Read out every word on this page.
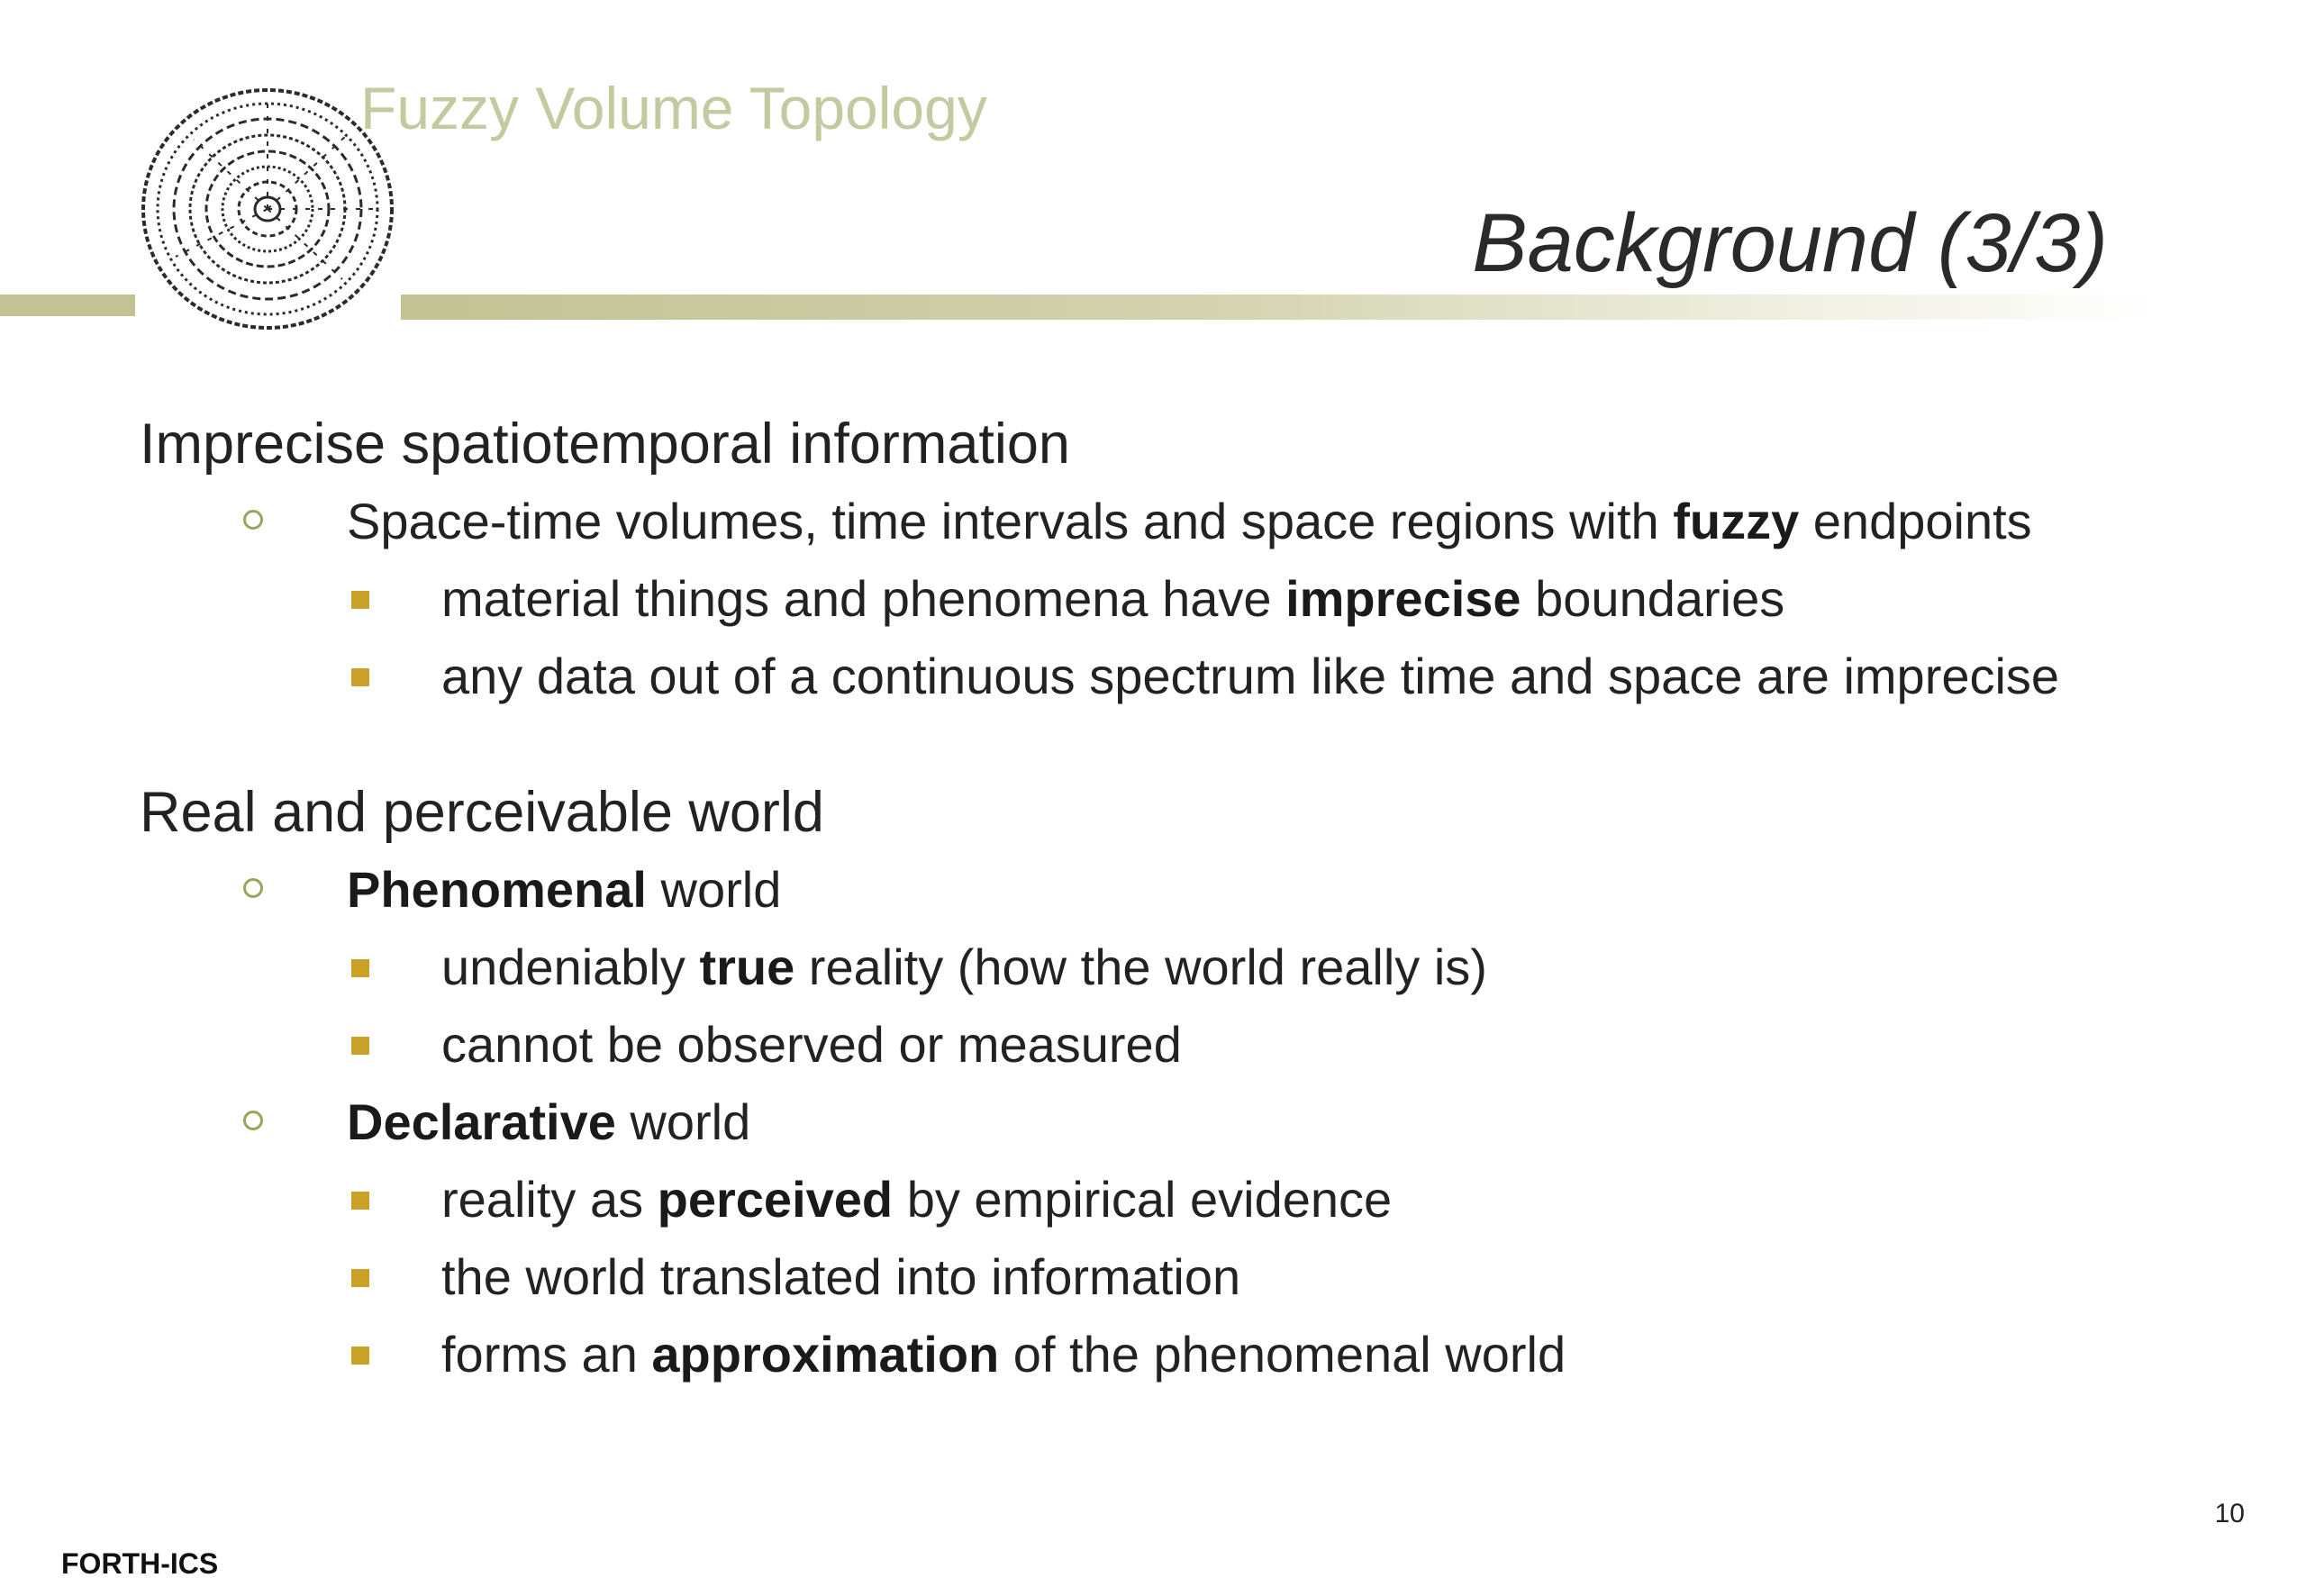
Fuzzy Volume Topology
Background (3/3)
Imprecise spatiotemporal information
Space-time volumes, time intervals and space regions with fuzzy endpoints
material things and phenomena have imprecise boundaries
any data out of a continuous spectrum like time and space are imprecise
Real and perceivable world
Phenomenal world
undeniably true reality (how the world really is)
cannot be observed or measured
Declarative world
reality as perceived by empirical evidence
the world translated into information
forms an approximation of the phenomenal world
10
FORTH-ICS
